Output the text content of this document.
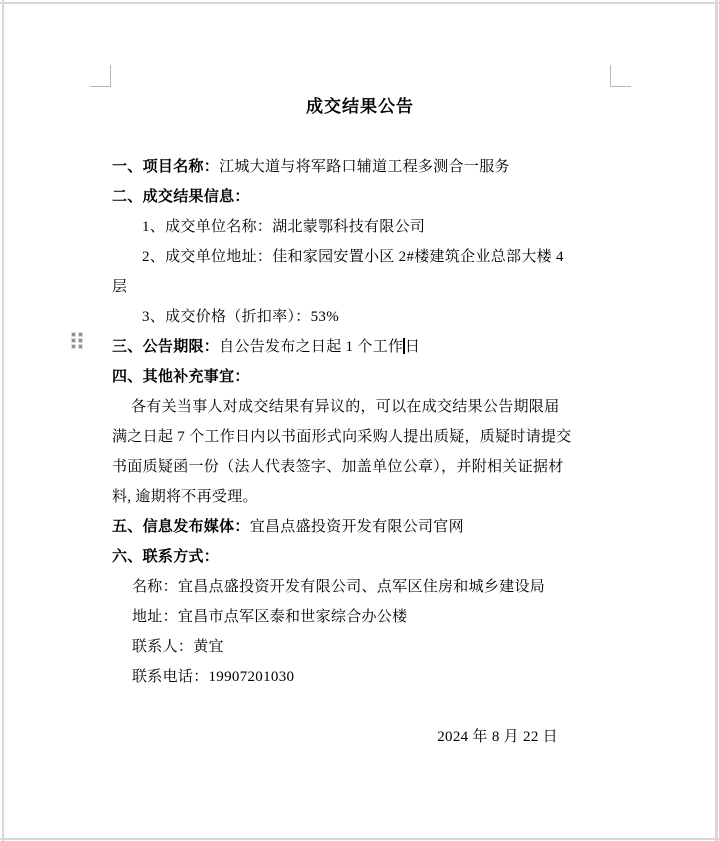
成交结果公告
一、项目名称：江城大道与将军路口辅道工程多测合一服务
二、成交结果信息：
1、成交单位名称：湖北蒙鄂科技有限公司
2、成交单位地址：佳和家园安置小区 2#楼建筑企业总部大楼 4
层
3、成交价格（折扣率）：53%
三、公告期限：自公告发布之日起 1 个工作 日
四、其他补充事宜：
各有关当事人对成交结果有异议的，可以在成交结果公告期限届
满之日起 7 个工作日内以书面形式向采购人提出质疑，质疑时请提交
书面质疑函一份（法人代表签字、加盖单位公章），并附相关证据材
料, 逾期将不再受理。
五、信息发布媒体：宜昌点盛投资开发有限公司官网
六、联系方式：
名称：宜昌点盛投资开发有限公司、点军区住房和城乡建设局
地址：宜昌市点军区泰和世家综合办公楼
联系人：黄宜
联系电话：19907201030
2024 年 8 月 22 日
